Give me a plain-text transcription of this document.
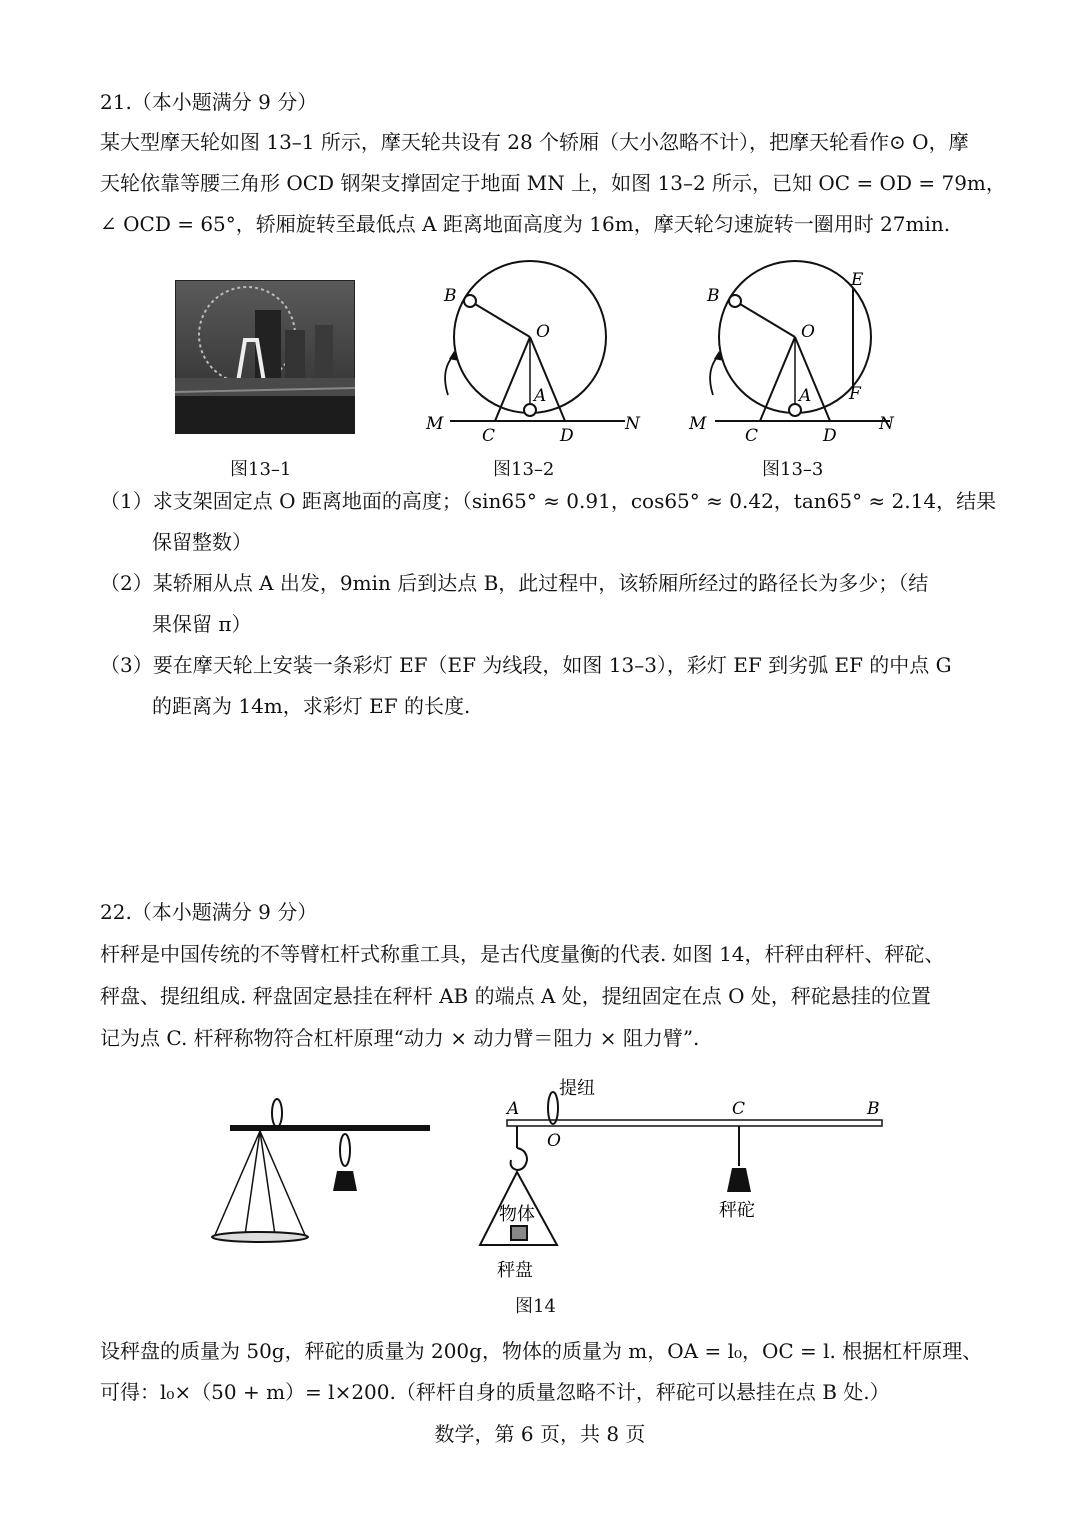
21.（本小题满分 9 分）
某大型摩天轮如图 13–1 所示，摩天轮共设有 28 个轿厢（大小忽略不计），把摩天轮看作⊙ O，摩
天轮依靠等腰三角形 OCD 钢架支撑固定于地面 MN 上，如图 13–2 所示，已知 OC = OD = 79m，
∠ OCD = 65°，轿厢旋转至最低点 A 距离地面高度为 16m，摩天轮匀速旋转一圈用时 27min.
图13–1
B
O
A
M
C	D
N
图13–2
B
O
A
E
F
M
C	D
N
图13–3
（1）求支架固定点 O 距离地面的高度；（sin65° ≈ 0.91，cos65° ≈ 0.42，tan65° ≈ 2.14，结果
保留整数）
（2）某轿厢从点 A 出发，9min 后到达点 B，此过程中，该轿厢所经过的路径长为多少；（结
果保留 π）
（3）要在摩天轮上安装一条彩灯 EF（EF 为线段，如图 13–3），彩灯 EF 到劣弧 EF 的中点 G
的距离为 14m，求彩灯 EF 的长度.
22.（本小题满分 9 分）
杆秤是中国传统的不等臂杠杆式称重工具，是古代度量衡的代表. 如图 14，杆秤由秤杆、秤砣、
秤盘、提纽组成. 秤盘固定悬挂在秤杆 AB 的端点 A 处，提纽固定在点 O 处，秤砣悬挂的位置
记为点 C. 杆秤称物符合杠杆原理“动力 × 动力臂＝阻力 × 阻力臂”.
提纽
A
O
C	B
物体
秤盘
秤砣
图14
设秤盘的质量为 50g，秤砣的质量为 200g，物体的质量为 m，OA = l₀，OC = l. 根据杠杆原理、
可得：l₀×（50 + m）= l×200.（秤杆自身的质量忽略不计，秤砣可以悬挂在点 B 处.）
数学，第 6 页，共 8 页
